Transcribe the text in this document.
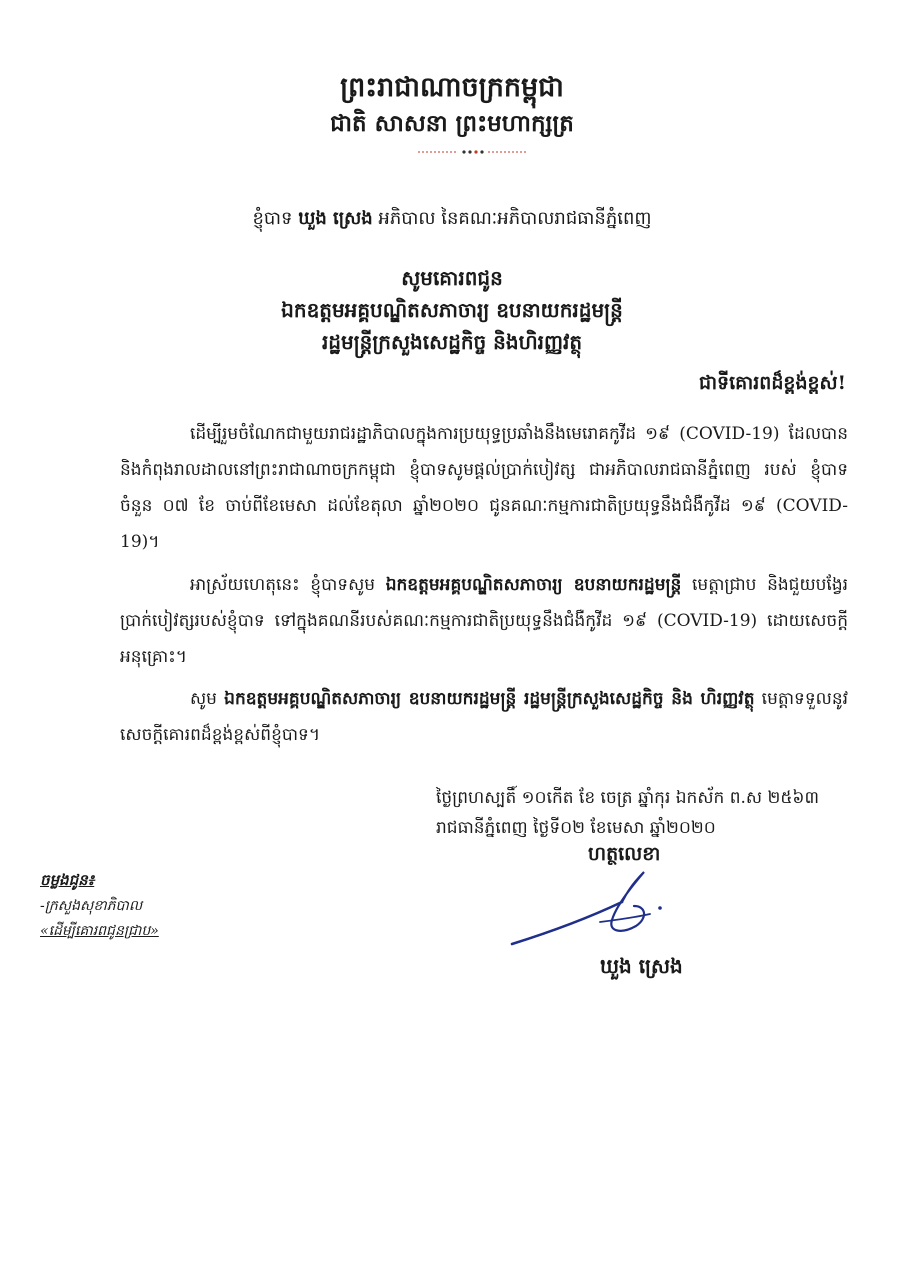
ព្រះរាជាណាចក្រកម្ពុជា
ជាតិ សាសនា ព្រះមហាក្សត្រ
ខ្ញុំបាទ ឃួង ស្រេង អភិបាល នៃគណៈអភិបាលរាជធានីភ្នំពេញ
សូមគោរពជូន
ឯកឧត្តមអគ្គបណ្ឌិតសភាចារ្យ ឧបនាយករដ្ឋមន្ត្រី
រដ្ឋមន្ត្រីក្រសួងសេដ្ឋកិច្ច និងហិរញ្ញវត្ថុ
ជាទីគោរពដ៏ខ្ពង់ខ្ពស់!
ដើម្បីរួមចំណែកជាមួយរាជរដ្ឋាភិបាលក្នុងការប្រយុទ្ធប្រឆាំងនឹងមេរោគកូវីដ ១៩ (COVID-19) ដែលបាន និងកំពុងរាលដាលនៅព្រះរាជាណាចក្រកម្ពុជា ខ្ញុំបាទសូមផ្តល់ប្រាក់បៀវត្ស ជាអភិបាលរាជធានីភ្នំពេញ របស់ ខ្ញុំបាទ ចំនួន ០៧ ខែ ចាប់ពីខែមេសា ដល់ខែតុលា ឆ្នាំ២០២០ ជូនគណៈកម្មការជាតិប្រយុទ្ធនឹងជំងឺកូវីដ ១៩ (COVID-19)។
អាស្រ័យហេតុនេះ ខ្ញុំបាទសូម ឯកឧត្តមអគ្គបណ្ឌិតសភាចារ្យ ឧបនាយករដ្ឋមន្ត្រី មេត្តាជ្រាប និងជួយបង្វែរប្រាក់បៀវត្សរបស់ខ្ញុំបាទ ទៅក្នុងគណនីរបស់គណៈកម្មការជាតិប្រយុទ្ធនឹងជំងឺកូវីដ ១៩ (COVID-19) ដោយសេចក្តីអនុគ្រោះ។
សូម ឯកឧត្តមអគ្គបណ្ឌិតសភាចារ្យ ឧបនាយករដ្ឋមន្ត្រី រដ្ឋមន្ត្រីក្រសួងសេដ្ឋកិច្ច និង ហិរញ្ញវត្ថុ មេត្តាទទួលនូវសេចក្តីគោរពដ៏ខ្ពង់ខ្ពស់ពីខ្ញុំបាទ។
ថ្ងៃព្រហស្បតិ៍ ១០កើត ខែ ចេត្រ ឆ្នាំកុរ ឯកស័ក ព.ស ២៥៦៣
រាជធានីភ្នំពេញ ថ្ងៃទី០២ ខែមេសា ឆ្នាំ២០២០
ហត្ថលេខា
ឃួង ស្រេង
ចម្លងជូន៖
-ក្រសួងសុខាភិបាល
«ដើម្បីគោរពជូនជ្រាប»
